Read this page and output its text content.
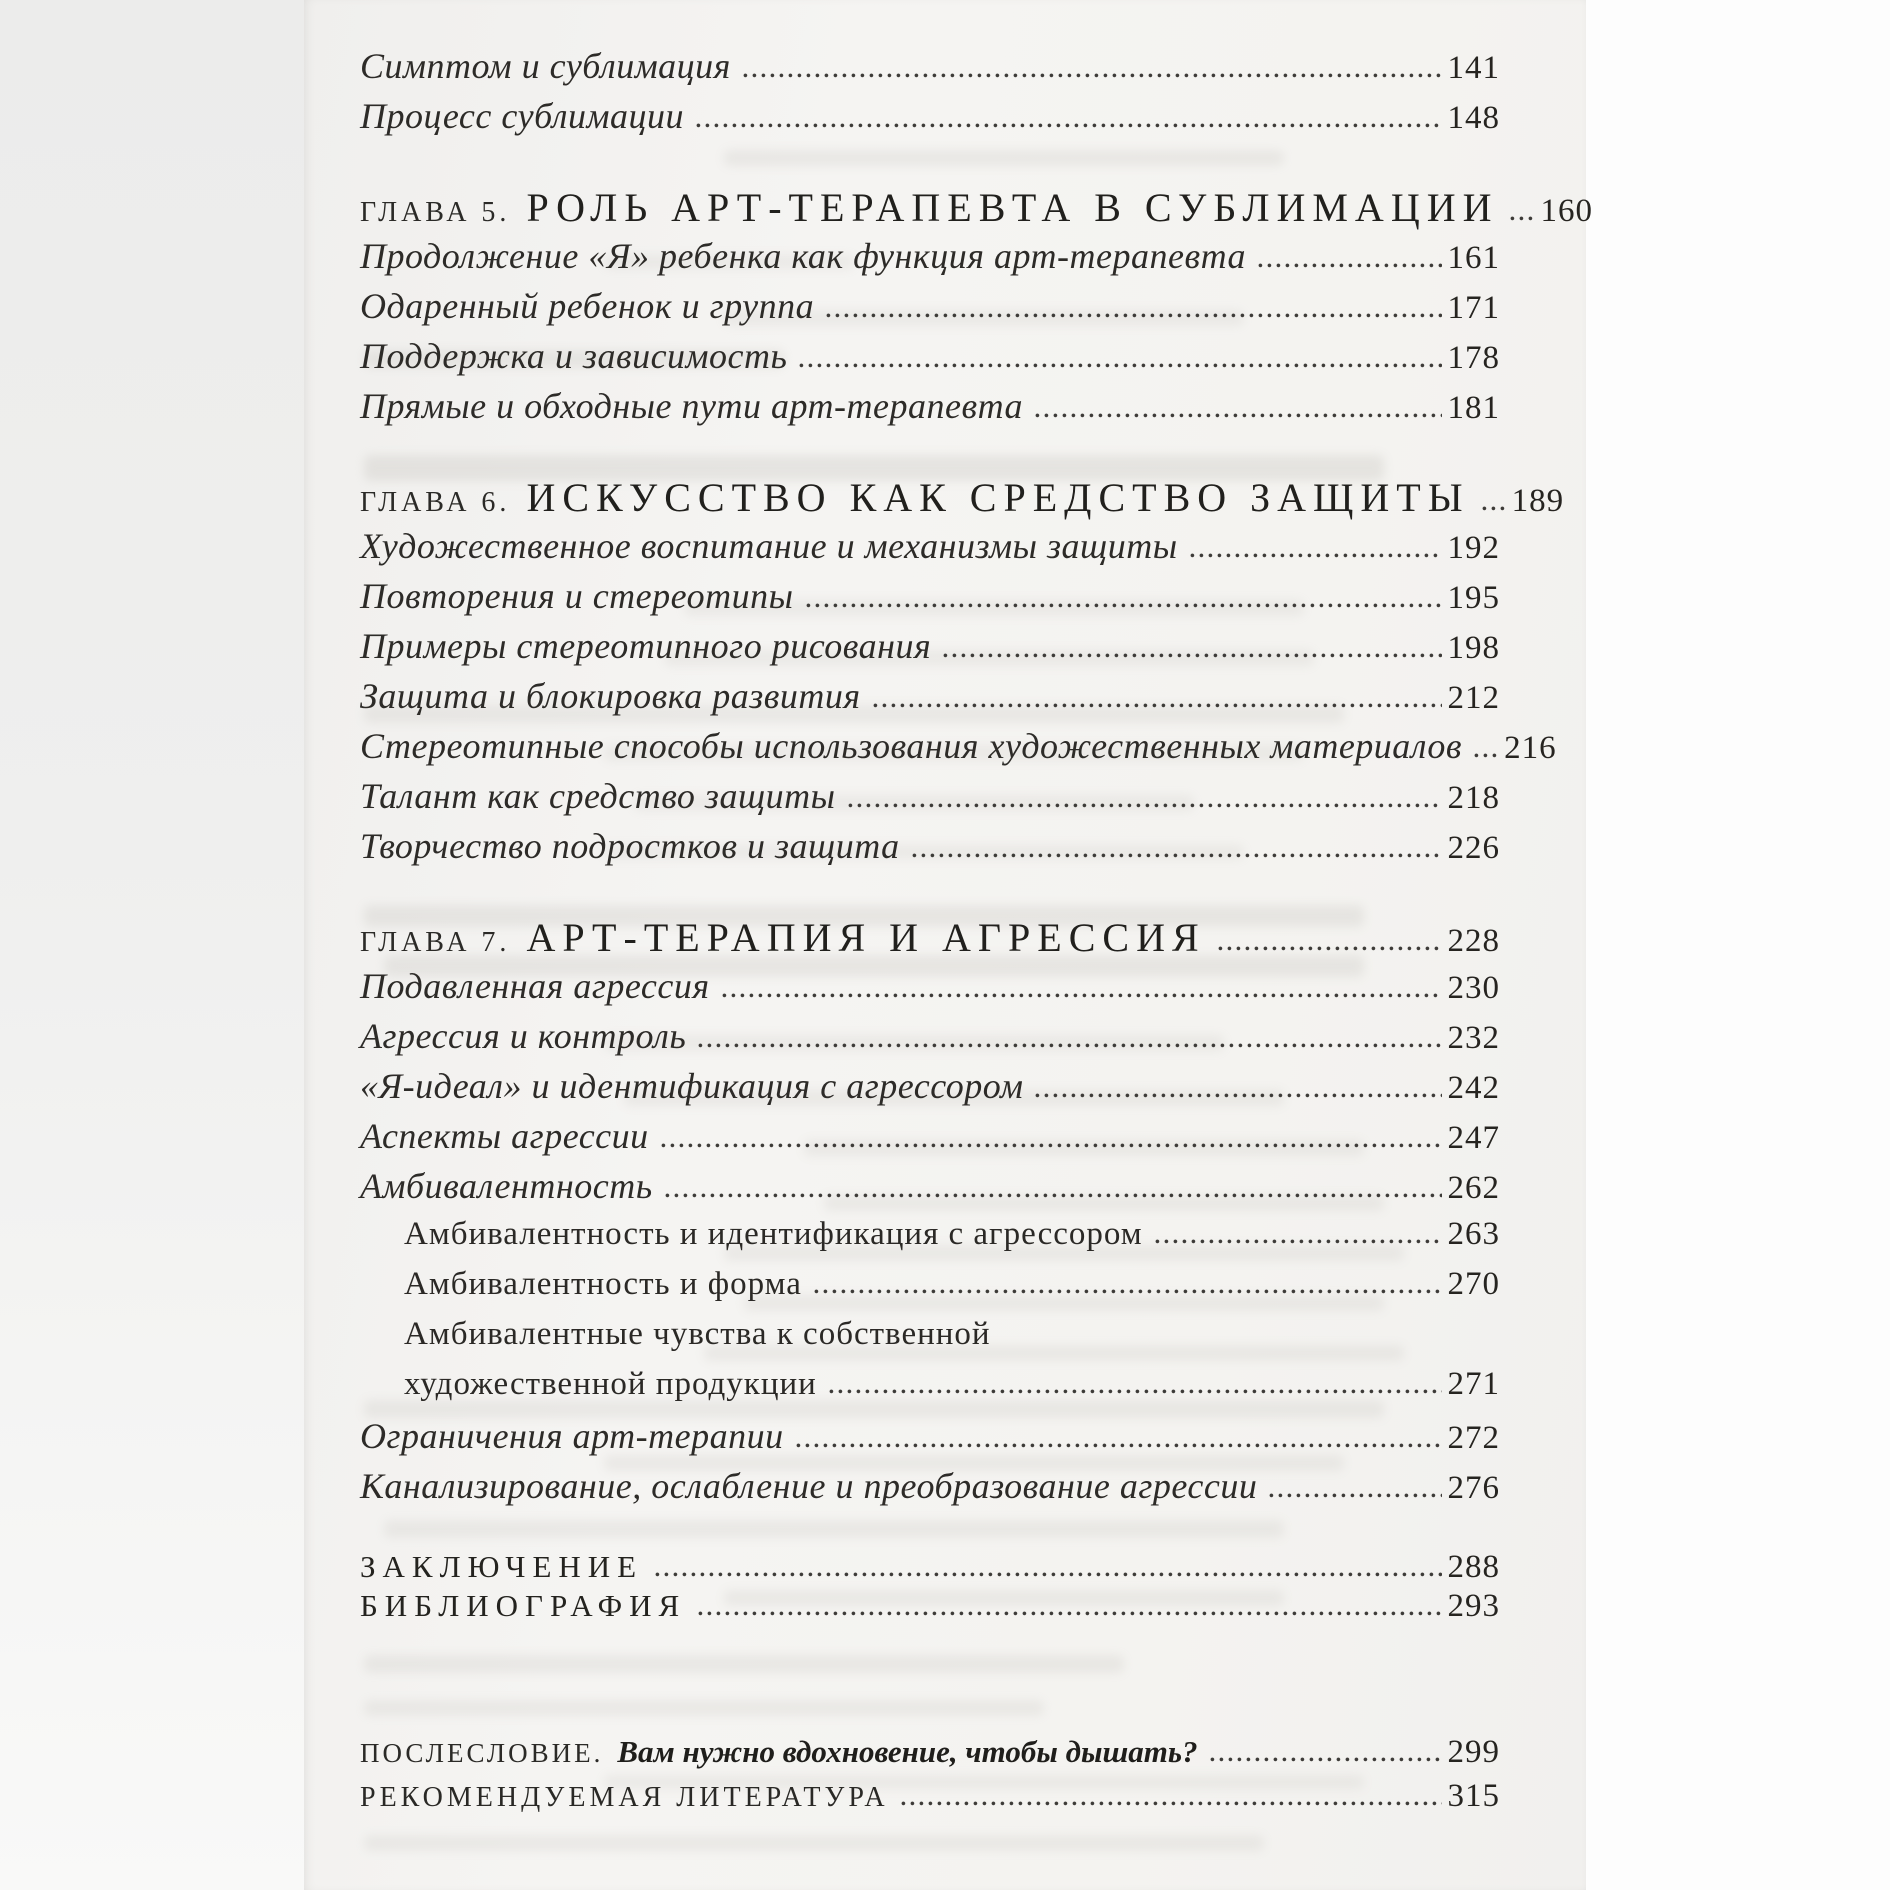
Симптом и сублимация	141
Процесс сублимации	148
ГЛАВА 5. РОЛЬ АРТ-ТЕРАПЕВТА В СУБЛИМАЦИИ 160
Продолжение «Я» ребенка как функция арт-терапевта	161
Одаренный ребенок и группа	171
Поддержка и зависимость	178
Прямые и обходные пути арт-терапевта	181
ГЛАВА 6. ИСКУССТВО КАК СРЕДСТВО ЗАЩИТЫ 189
Художественное воспитание и механизмы защиты	192
Повторения и стереотипы	195
Примеры стереотипного рисования	198
Защита и блокировка развития	212
Стереотипные способы использования художественных материалов 216
Талант как средство защиты	218
Творчество подростков и защита	226
ГЛАВА 7. АРТ-ТЕРАПИЯ И АГРЕССИЯ	228
Подавленная агрессия	230
Агрессия и контроль	232
«Я-идеал» и идентификация с агрессором	242
Аспекты агрессии	247
Амбивалентность	262
Амбивалентность и идентификация с агрессором	263
Амбивалентность и форма	270
Амбивалентные чувства к собственной
художественной продукции	271
Ограничения арт-терапии	272
Канализирование, ослабление и преобразование агрессии	276
ЗАКЛЮЧЕНИЕ	288
БИБЛИОГРАФИЯ	293
ПОСЛЕСЛОВИЕ. Вам нужно вдохновение, чтобы дышать?	299
РЕКОМЕНДУЕМАЯ ЛИТЕРАТУРА	315
